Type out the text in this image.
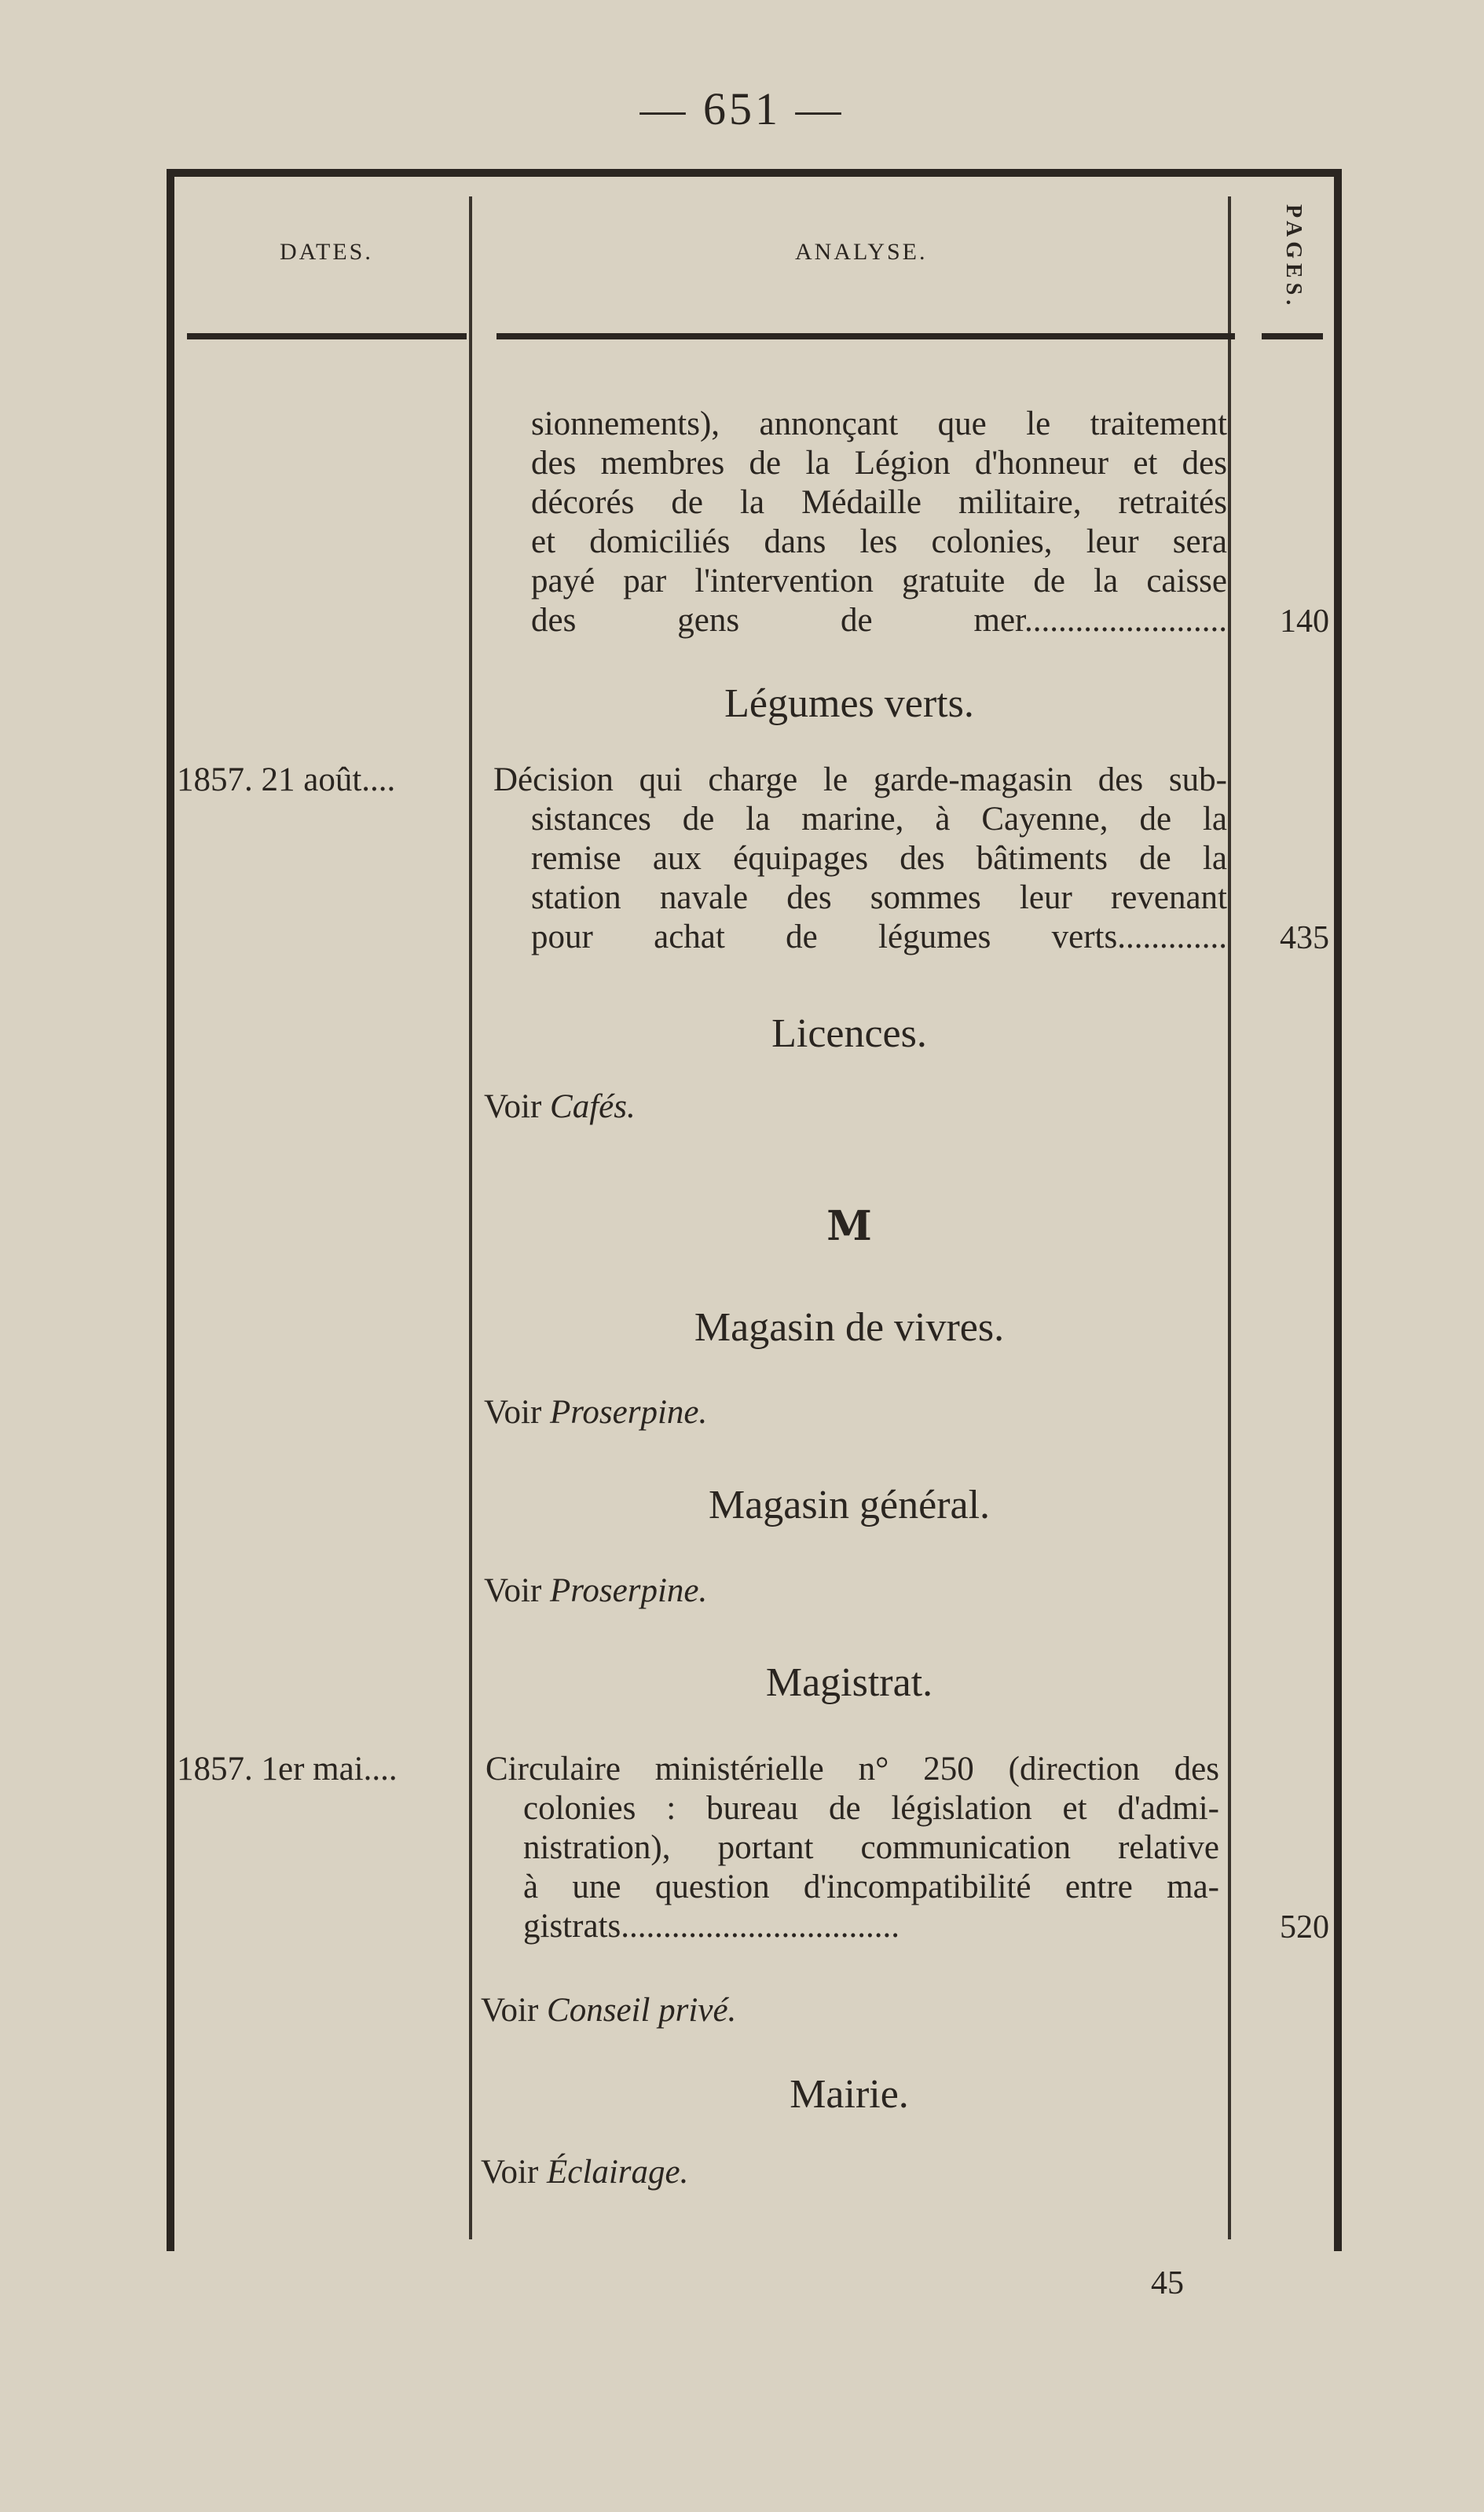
— 651 —
DATES.	ANALYSE.	PAGES.
sionnements), annonçant que le traitement
des membres de la Légion d'honneur et des
décorés de la Médaille militaire, retraités
et domiciliés dans les colonies, leur sera
payé par l'intervention gratuite de la caisse
des gens de mer........................	140
Légumes verts.
1857. 21 août....	Décision qui charge le garde-magasin des sub-
sistances de la marine, à Cayenne, de la
remise aux équipages des bâtiments de la
station navale des sommes leur revenant
pour achat de légumes verts.............	435
Licences.
Voir Cafés.
M
Magasin de vivres.
Voir Proserpine.
Magasin général.
Voir Proserpine.
Magistrat.
1857. 1er mai....	Circulaire ministérielle n° 250 (direction des
colonies : bureau de législation et d'admi-
nistration), portant communication relative
à une question d'incompatibilité entre ma-
gistrats.................................	520
Voir Conseil privé.
Mairie.
Voir Éclairage.
45
